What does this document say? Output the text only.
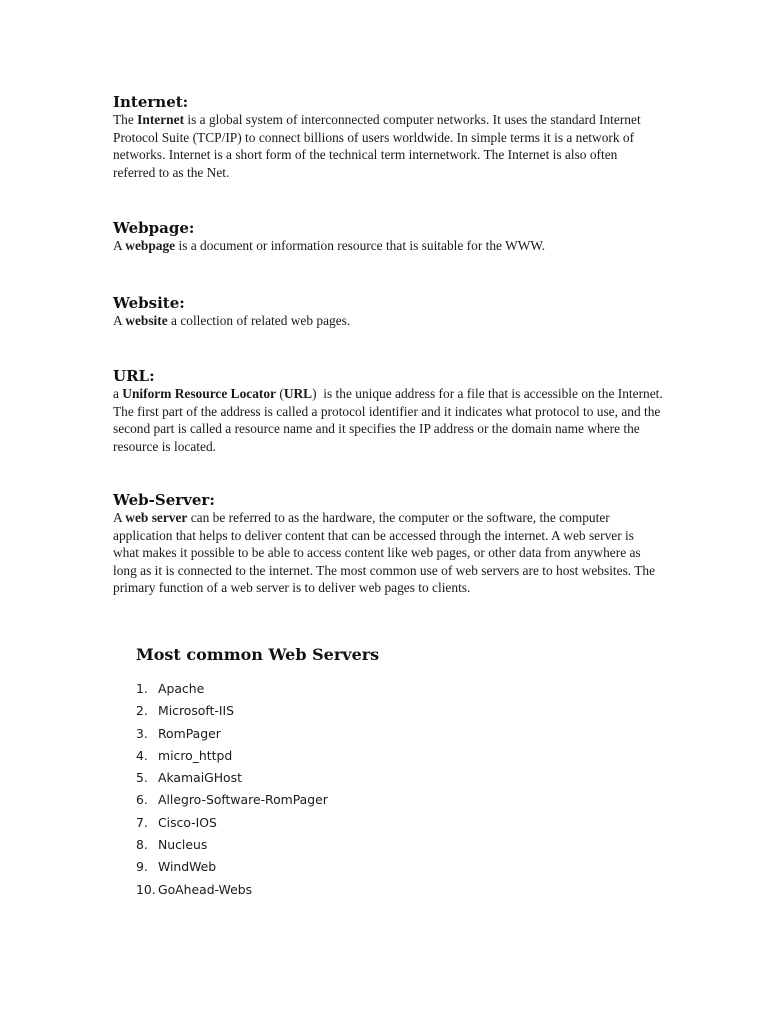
Internet:

The Internet is a global system of interconnected computer networks. It uses the standard Internet Protocol Suite (TCP/IP) to connect billions of users worldwide. In simple terms it is a network of networks. Internet is a short form of the technical term internetwork. The Internet is also often referred to as the Net.

Webpage:

A webpage is a document or information resource that is suitable for the WWW.

Website:

A website a collection of related web pages.

URL:

a Uniform Resource Locator (URL)  is the unique address for a file that is accessible on the Internet.  The first part of the address is called a protocol identifier and it indicates what protocol to use, and the second part is called a resource name and it specifies the IP address or the domain name where the resource is located.

Web-Server:

A web server can be referred to as the hardware, the computer or the software, the computer application that helps to deliver content that can be accessed through the internet. A web server is what makes it possible to be able to access content like web pages, or other data from anywhere as long as it is connected to the internet. The most common use of web servers are to host websites. The primary function of a web server is to deliver web pages to clients.

Most common Web Servers
1. Apache
2. Microsoft-IIS
3. RomPager
4. micro_httpd
5. AkamaiGHost
6. Allegro-Software-RomPager
7. Cisco-IOS
8. Nucleus
9. WindWeb
10. GoAhead-Webs
